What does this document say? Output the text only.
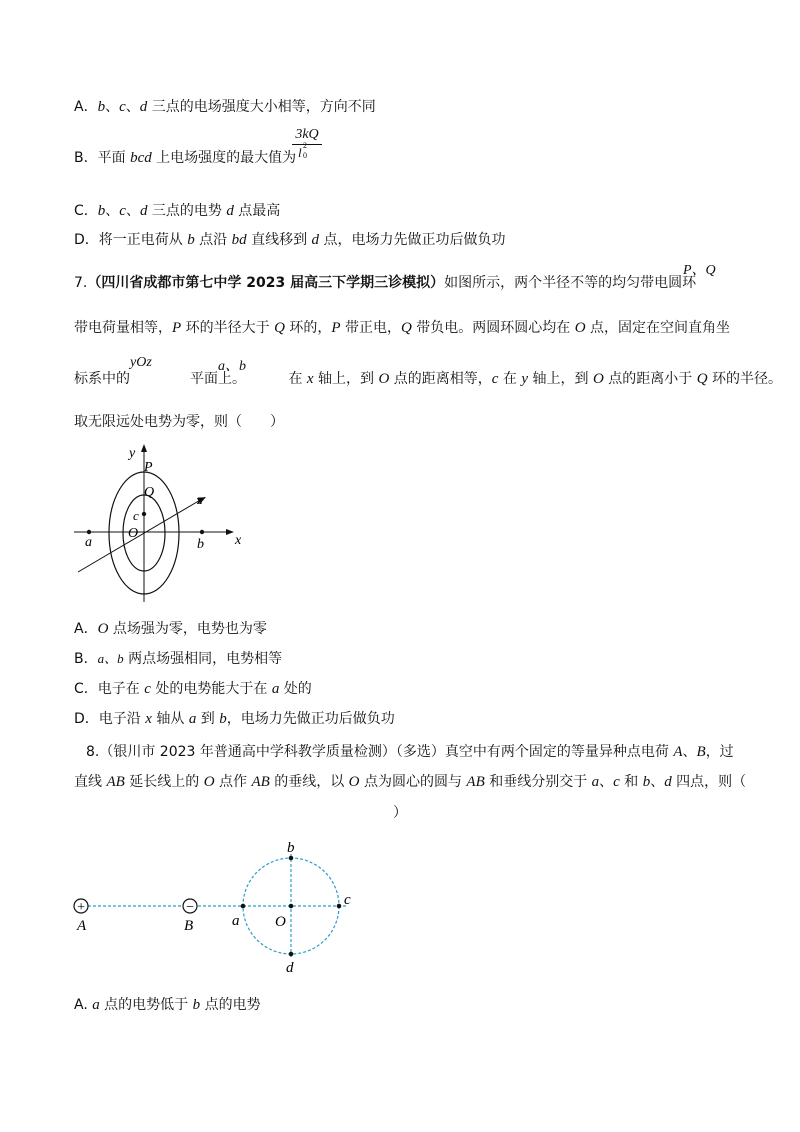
A．b、c、d 三点的电场强度大小相等，方向不同
B．平面 bcd 上电场强度的最大值为
3kQ
l 2
0
C．b、c、d 三点的电势 d 点最高
D．将一正电荷从 b 点沿 bd 直线移到 d 点，电场力先做正功后做负功
7.（四川省成都市第七中学 2023 届高三下学期三诊模拟）如图所示，两个半径不等的均匀带电圆环
P、Q
带电荷量相等，P 环的半径大于 Q 环的，P 带正电，Q 带负电。两圆环圆心均在 O 点，固定在空间直角坐
标系中的	平面上。	在 x 轴上，到 O 点的距离相等，c 在 y 轴上，到 O 点的距离小于 Q 环的半径。
yOz	a、b
取无限远处电势为零，则（　　）
y
P
Q
z
c
O
a	b x
A．O 点场强为零，电势也为零
B．a、b 两点场强相同，电势相等
C．电子在 c 处的电势能大于在 a 处的
D．电子沿 x 轴从 a 到 b，电场力先做正功后做负功
8.（银川市 2023 年普通高中学科教学质量检测）（多选）真空中有两个固定的等量异种点电荷 A、B，过
直线 AB 延长线上的 O 点作 AB 的垂线，以 O 点为圆心的圆与 AB 和垂线分别交于 a、c 和 b、d 四点，则（
）
+	−
A	B	a O
c
b
d
A. a 点的电势低于 b 点的电势
